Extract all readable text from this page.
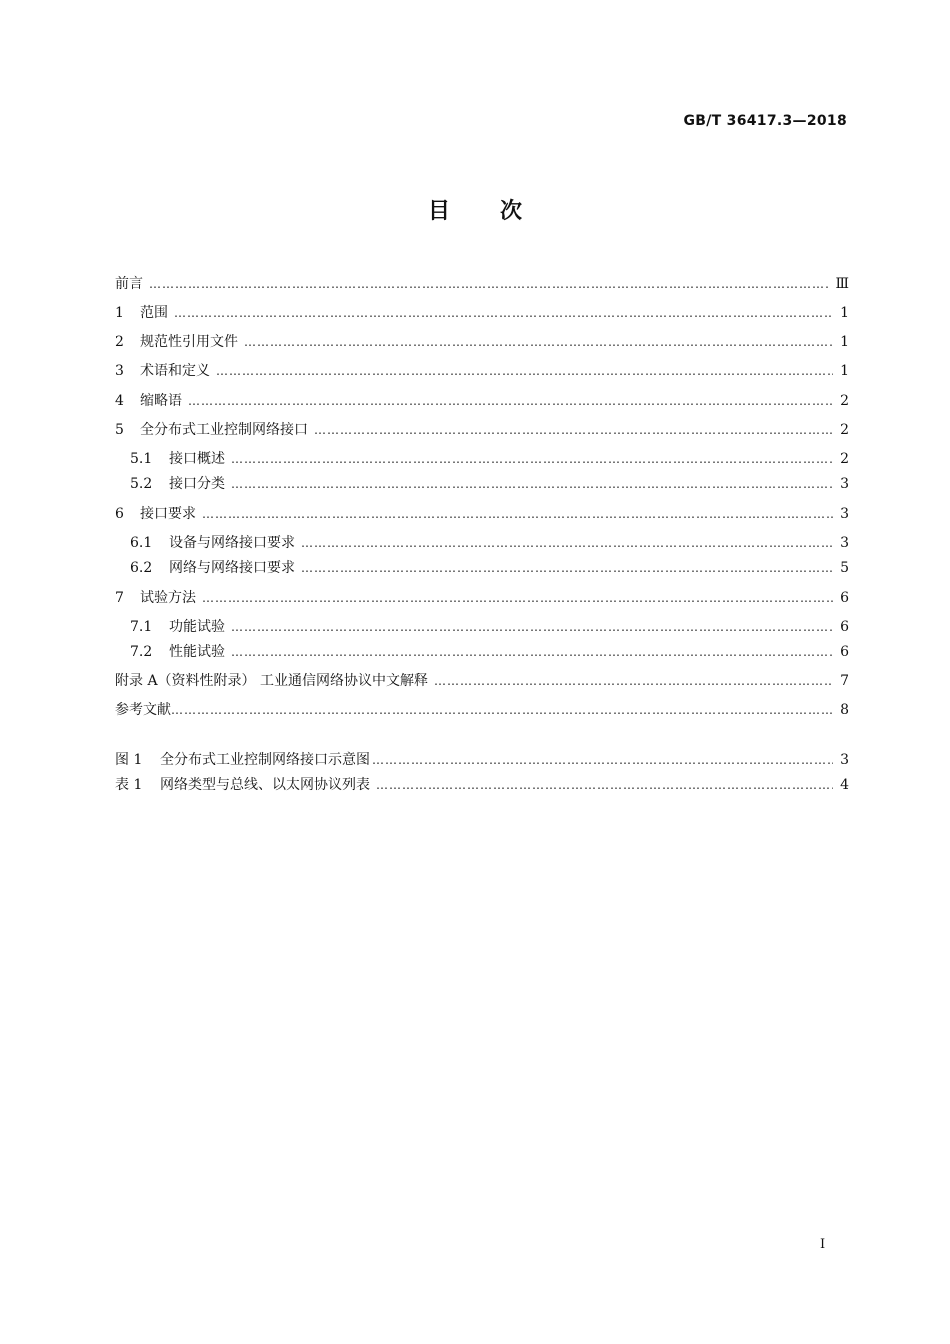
GB/T 36417.3—2018
目 次
前言 ……………………………………………………………………………………………………………………………………………………………………………………………………………………	Ⅲ
1	范围 ……………………………………………………………………………………………………………………………………………………………………………………………………………………	1
2	规范性引用文件 ……………………………………………………………………………………………………………………………………………………………………………………………………………………	1
3	术语和定义 ……………………………………………………………………………………………………………………………………………………………………………………………………………………	1
4	缩略语 ……………………………………………………………………………………………………………………………………………………………………………………………………………………	2
5	全分布式工业控制网络接口 ……………………………………………………………………………………………………………………………………………………………………………………………………………………	2
5.1	接口概述 ……………………………………………………………………………………………………………………………………………………………………………………………………………………	2
5.2	接口分类 ……………………………………………………………………………………………………………………………………………………………………………………………………………………	3
6	接口要求 ……………………………………………………………………………………………………………………………………………………………………………………………………………………	3
6.1	设备与网络接口要求 ……………………………………………………………………………………………………………………………………………………………………………………………………………………	3
6.2	网络与网络接口要求 ……………………………………………………………………………………………………………………………………………………………………………………………………………………	5
7	试验方法 ……………………………………………………………………………………………………………………………………………………………………………………………………………………	6
7.1	功能试验 ……………………………………………………………………………………………………………………………………………………………………………………………………………………	6
7.2	性能试验 ……………………………………………………………………………………………………………………………………………………………………………………………………………………	6
附录 A（资料性附录） 工业通信网络协议中文解释 ……………………………………………………………………………………………………………………………………………………………………………………………………………………	7
参考文献 ……………………………………………………………………………………………………………………………………………………………………………………………………………………	8
图 1	全分布式工业控制网络接口示意图 ……………………………………………………………………………………………………………………………………………………………………………………………………………………	3
表 1	网络类型与总线、以太网协议列表 ……………………………………………………………………………………………………………………………………………………………………………………………………………………	4
I
